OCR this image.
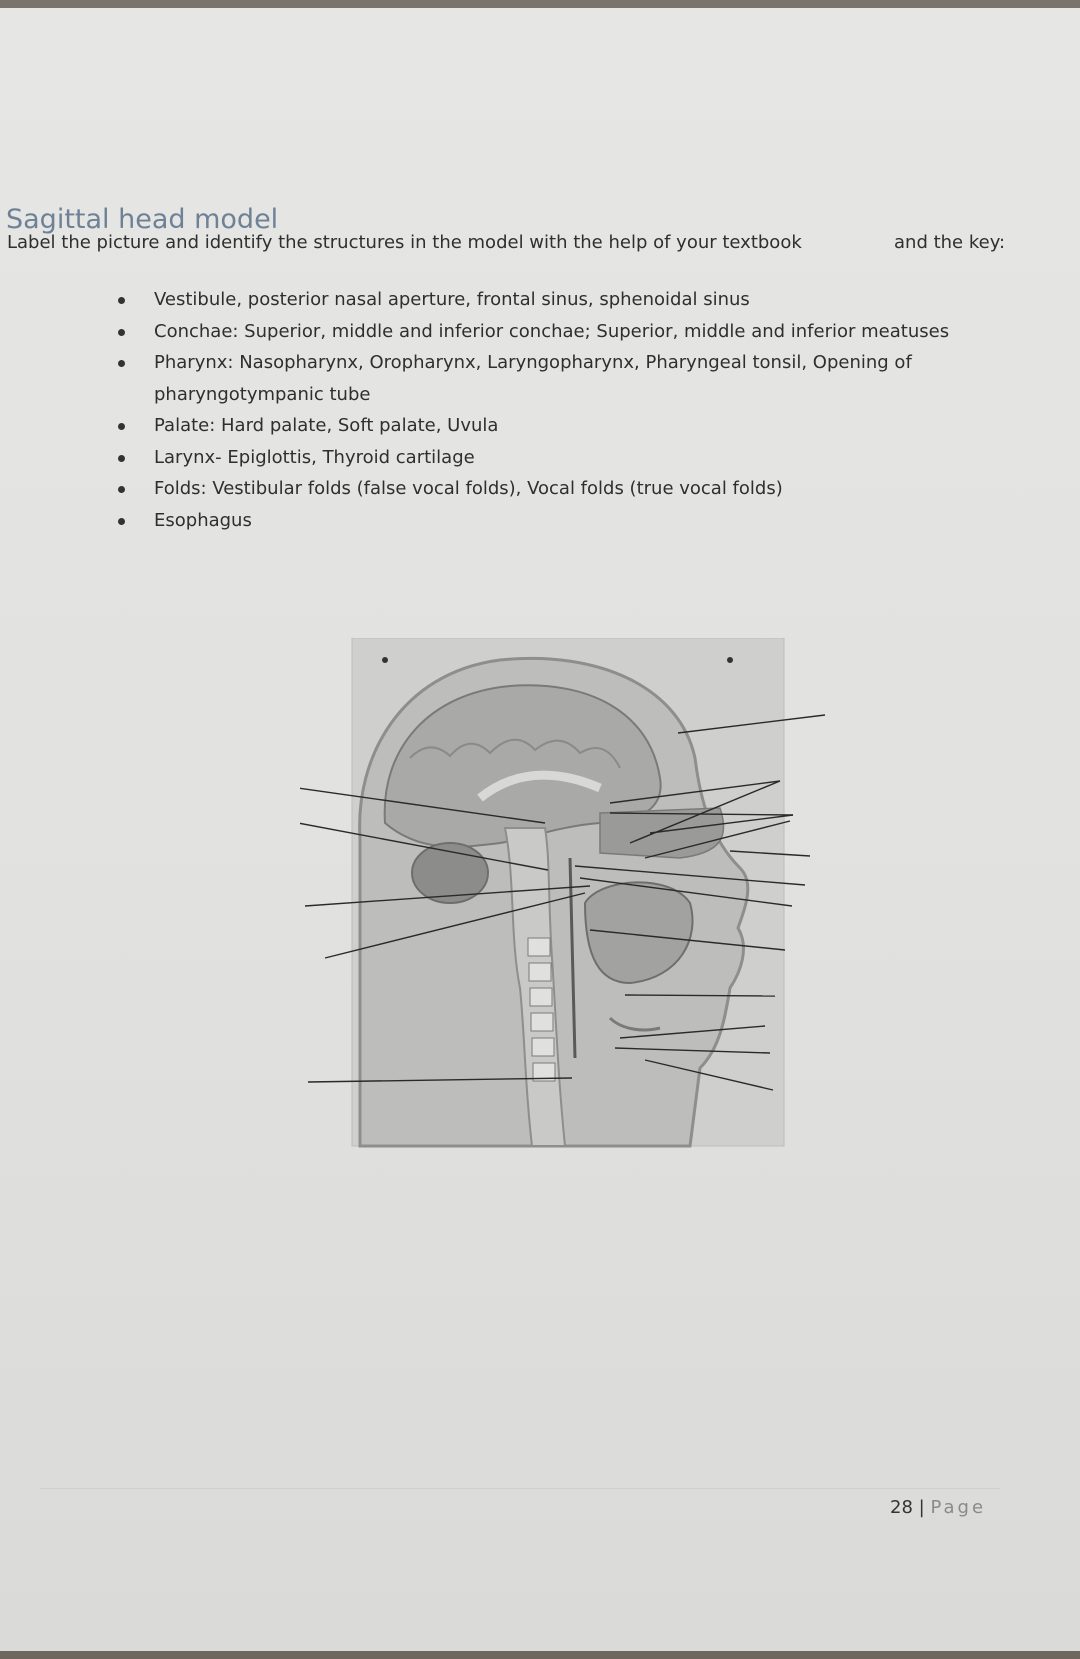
Sagittal head model
Label the picture and identify the structures in the model with the help of your textbook	and the key:
Vestibule, posterior nasal aperture, frontal sinus, sphenoidal sinus
Conchae: Superior, middle and inferior conchae; Superior, middle and inferior meatuses
Pharynx: Nasopharynx, Oropharynx, Laryngopharynx, Pharyngeal tonsil, Opening of
pharyngotympanic tube
Palate: Hard palate, Soft palate, Uvula
Larynx- Epiglottis, Thyroid cartilage
Folds: Vestibular folds (false vocal folds), Vocal folds (true vocal folds)
Esophagus
28 | Page
